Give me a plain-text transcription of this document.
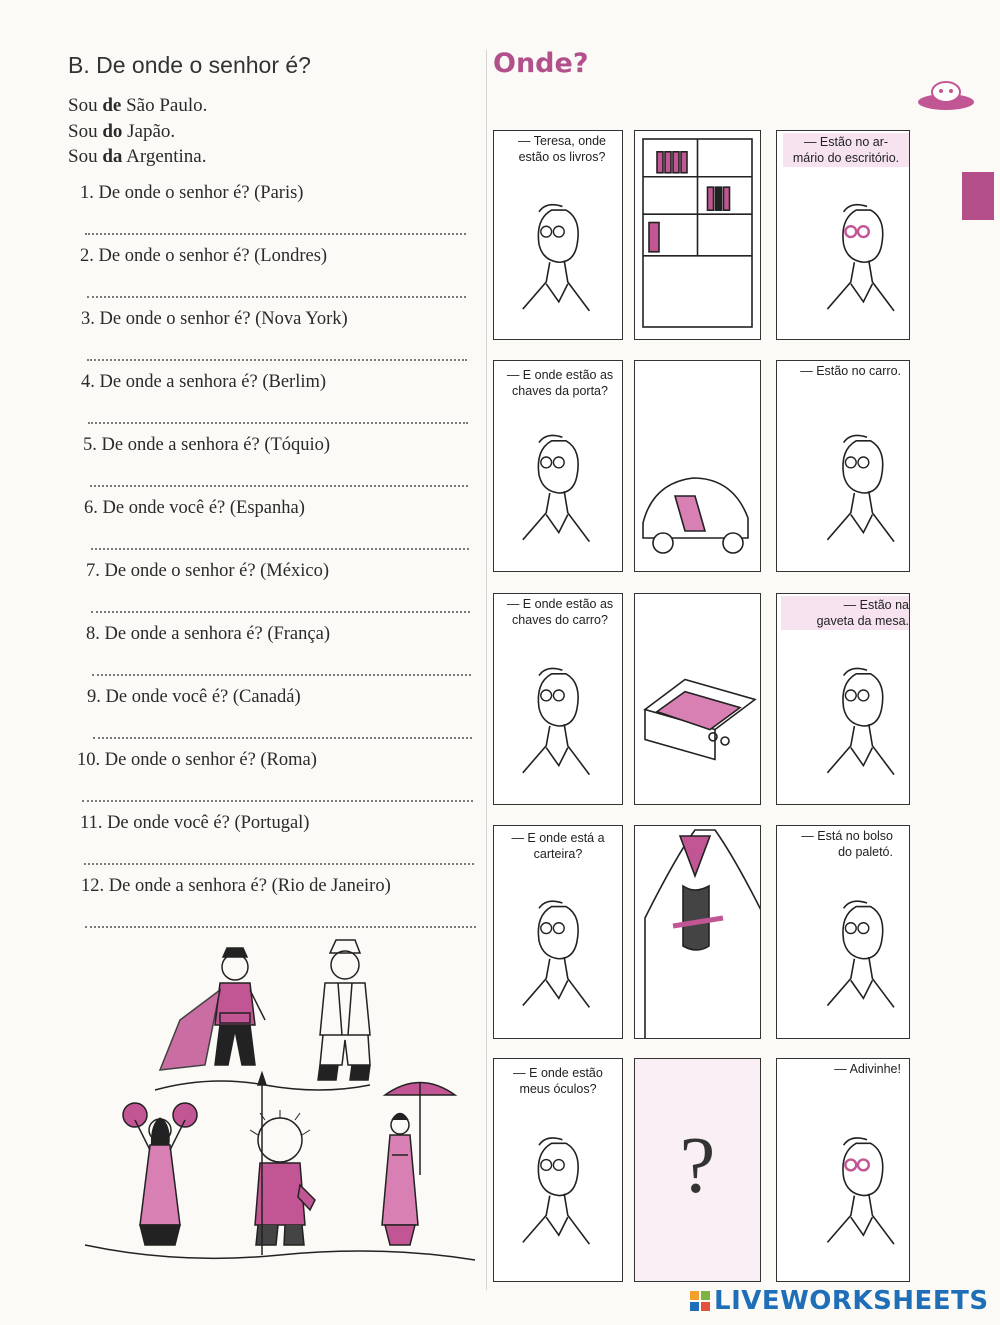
B. De onde o senhor é?
Sou de São Paulo.
Sou do Japão.
Sou da Argentina.
1. De onde o senhor é? (Paris)
2. De onde o senhor é? (Londres)
3. De onde o senhor é? (Nova York)
4. De onde a senhora é? (Berlim)
5. De onde a senhora é? (Tóquio)
6. De onde você é? (Espanha)
7. De onde o senhor é? (México)
8. De onde a senhora é? (França)
9. De onde você é? (Canadá)
10. De onde o senhor é? (Roma)
11. De onde você é? (Portugal)
12. De onde a senhora é? (Rio de Janeiro)
Onde?
— Teresa, onde
estão os livros?
— Estão no ar-
mário do escritório.
— E onde estão as
chaves da porta?
— Estão no carro.
— E onde estão as
chaves do carro?
— Estão na
gaveta da mesa.
— E onde está a
carteira?
— Está no bolso
do paletó.
— E onde estão
meus óculos?
?
— Adivinhe!
LIVEWORKSHEETS
